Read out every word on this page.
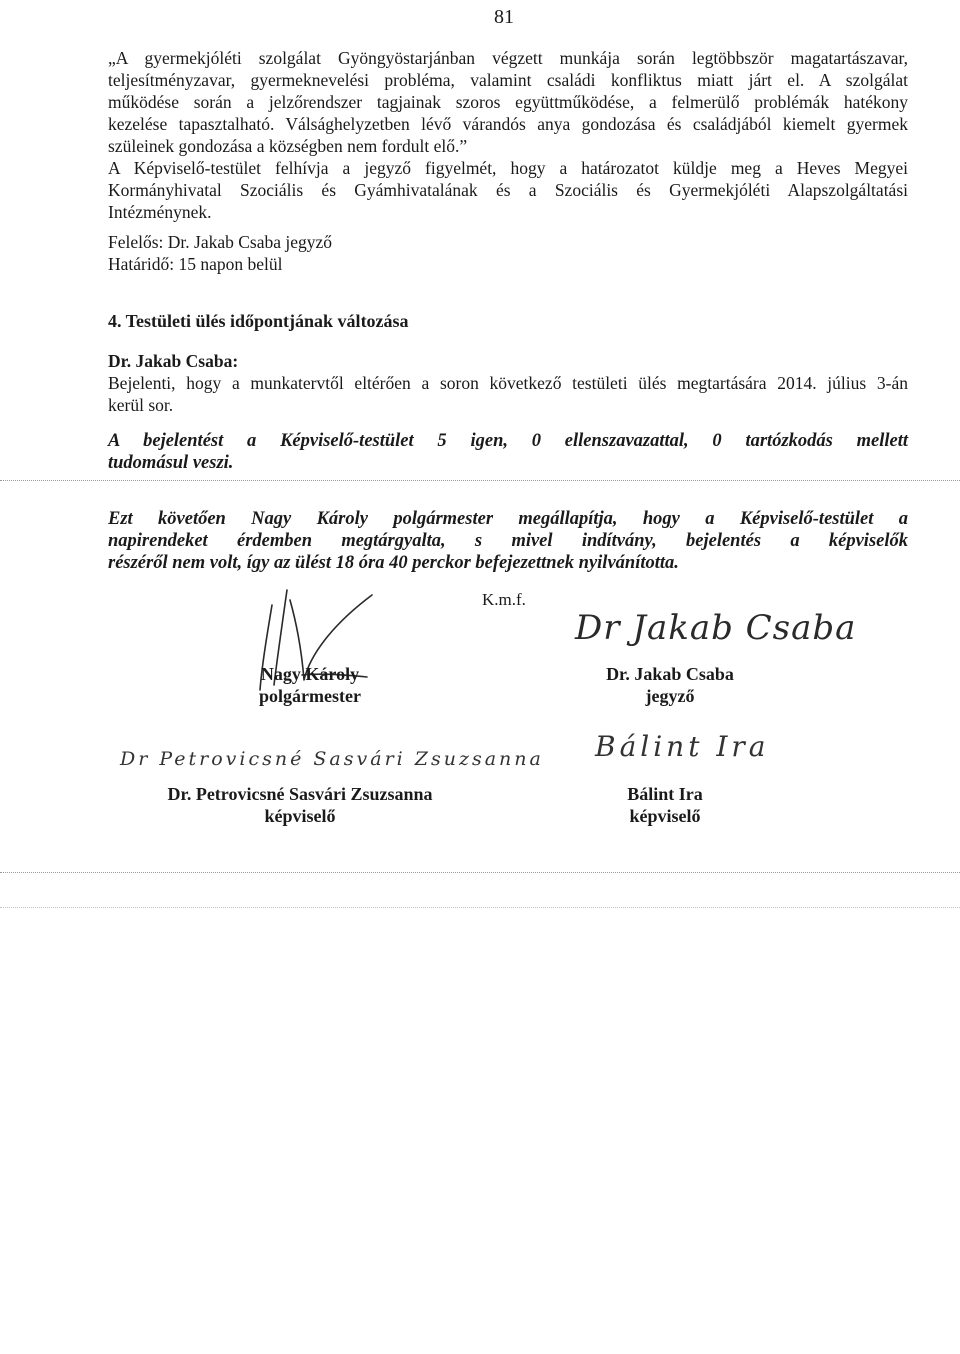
81
„A gyermekjóléti szolgálat Gyöngyöstarjánban végzett munkája során legtöbbször magatartászavar,
teljesítményzavar, gyermeknevelési probléma, valamint családi konfliktus miatt járt el. A szolgálat
működése során a jelzőrendszer tagjainak szoros együttműködése, a felmerülő problémák hatékony
kezelése tapasztalható. Válsághelyzetben lévő várandós anya gondozása és családjából kiemelt gyermek
szüleinek gondozása a községben nem fordult elő.”
A Képviselő-testület felhívja a jegyző figyelmét, hogy a határozatot küldje meg a Heves Megyei
Kormányhivatal Szociális és Gyámhivatalának és a Szociális és Gyermekjóléti Alapszolgáltatási
Intézménynek.
Felelős: Dr. Jakab Csaba jegyző
Határidő: 15 napon belül
4. Testületi ülés időpontjának változása
Dr. Jakab Csaba:
Bejelenti, hogy a munkatervtől eltérően a soron következő testületi ülés megtartására 2014. július 3-án
kerül sor.
A bejelentést a Képviselő-testület 5 igen, 0 ellenszavazattal, 0 tartózkodás mellett
tudomásul veszi.
Ezt követően Nagy Károly polgármester megállapítja, hogy a Képviselő-testület a
napirendeket érdemben megtárgyalta, s mivel indítvány, bejelentés a képviselők
részéről nem volt, így az ülést 18 óra 40 perckor befejezettnek nyilvánította.
K.m.f.
Nagy Károly
polgármester
Dr Jakab Csaba
Dr. Jakab Csaba
jegyző
Dr Petrovicsné Sasvári Zsuzsanna
Dr. Petrovicsné Sasvári Zsuzsanna
képviselő
Bálint Ira
Bálint Ira
képviselő
